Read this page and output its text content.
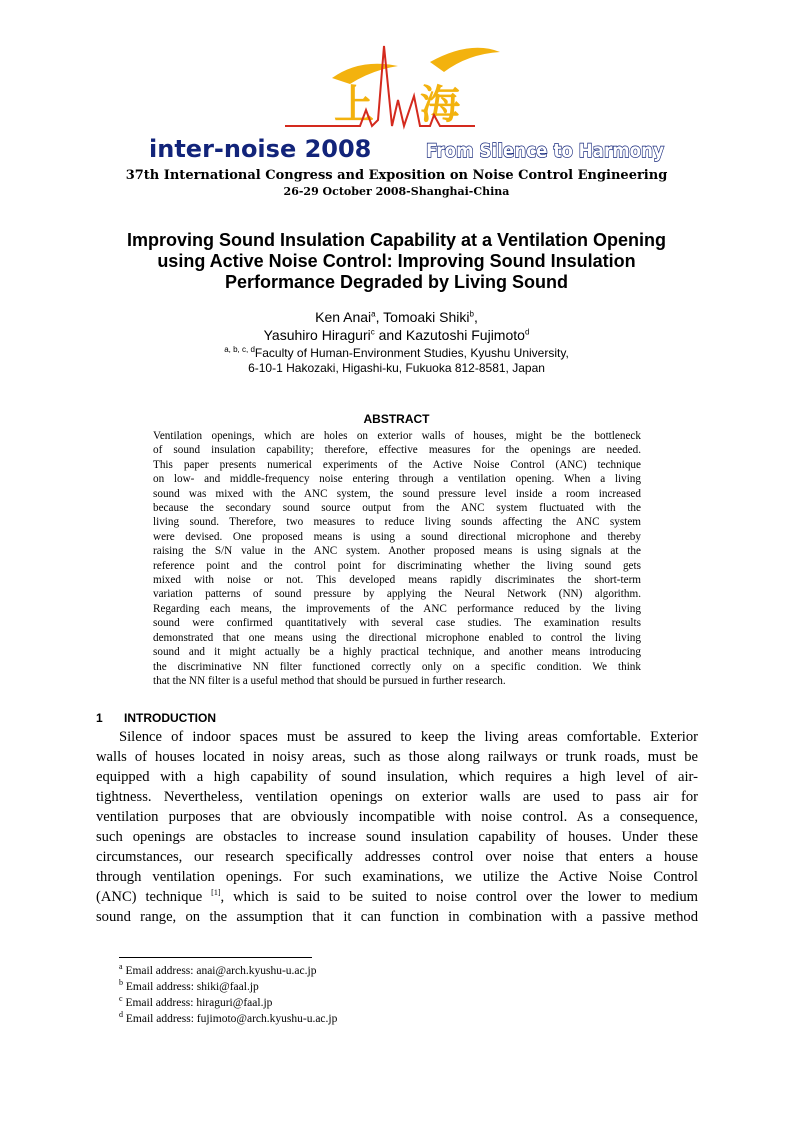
上 海
inter-noise 2008	From Silence to Harmony
37th International Congress and Exposition on Noise Control Engineering
26-29 October 2008-Shanghai-China
Improving Sound Insulation Capability at a Ventilation Opening
using Active Noise Control: Improving Sound Insulation
Performance Degraded by Living Sound
Ken Anai$^a$, Tomoaki Shiki$^b$,
Yasuhiro Hiraguri$^c$ and Kazutoshi Fujimoto$^d$
$^{a, b, c, d}$Faculty of Human-Environment Studies, Kyushu University,
6-10-1 Hakozaki, Higashi-ku, Fukuoka 812-8581, Japan
ABSTRACT
Ventilation openings, which are holes on exterior walls of houses, might be the bottleneck
of sound insulation capability; therefore, effective measures for the openings are needed.
This paper presents numerical experiments of the Active Noise Control (ANC) technique
on low- and middle-frequency noise entering through a ventilation opening. When a living
sound was mixed with the ANC system, the sound pressure level inside a room increased
because the secondary sound source output from the ANC system fluctuated with the
living sound. Therefore, two measures to reduce living sounds affecting the ANC system
were devised. One proposed means is using a sound directional microphone and thereby
raising the S/N value in the ANC system. Another proposed means is using signals at the
reference point and the control point for discriminating whether the living sound gets
mixed with noise or not. This developed means rapidly discriminates the short-term
variation patterns of sound pressure by applying the Neural Network (NN) algorithm.
Regarding each means, the improvements of the ANC performance reduced by the living
sound were confirmed quantitatively with several case studies. The examination results
demonstrated that one means using the directional microphone enabled to control the living
sound and it might actually be a highly practical technique, and another means introducing
the discriminative NN filter functioned correctly only on a specific condition. We think
that the NN filter is a useful method that should be pursued in further research.
1 INTRODUCTION
Silence of indoor spaces must be assured to keep the living areas comfortable. Exterior
walls of houses located in noisy areas, such as those along railways or trunk roads, must be
equipped with a high capability of sound insulation, which requires a high level of air-
tightness. Nevertheless, ventilation openings on exterior walls are used to pass air for
ventilation purposes that are obviously incompatible with noise control. As a consequence,
such openings are obstacles to increase sound insulation capability of houses. Under these
circumstances, our research specifically addresses control over noise that enters a house
through ventilation openings. For such examinations, we utilize the Active Noise Control
(ANC) technique [1], which is said to be suited to noise control over the lower to medium
sound range, on the assumption that it can function in combination with a passive method
$^a$ Email address: anai@arch.kyushu-u.ac.jp
$^b$ Email address: shiki@faal.jp
$^c$ Email address: hiraguri@faal.jp
$^d$ Email address: fujimoto@arch.kyushu-u.ac.jp
